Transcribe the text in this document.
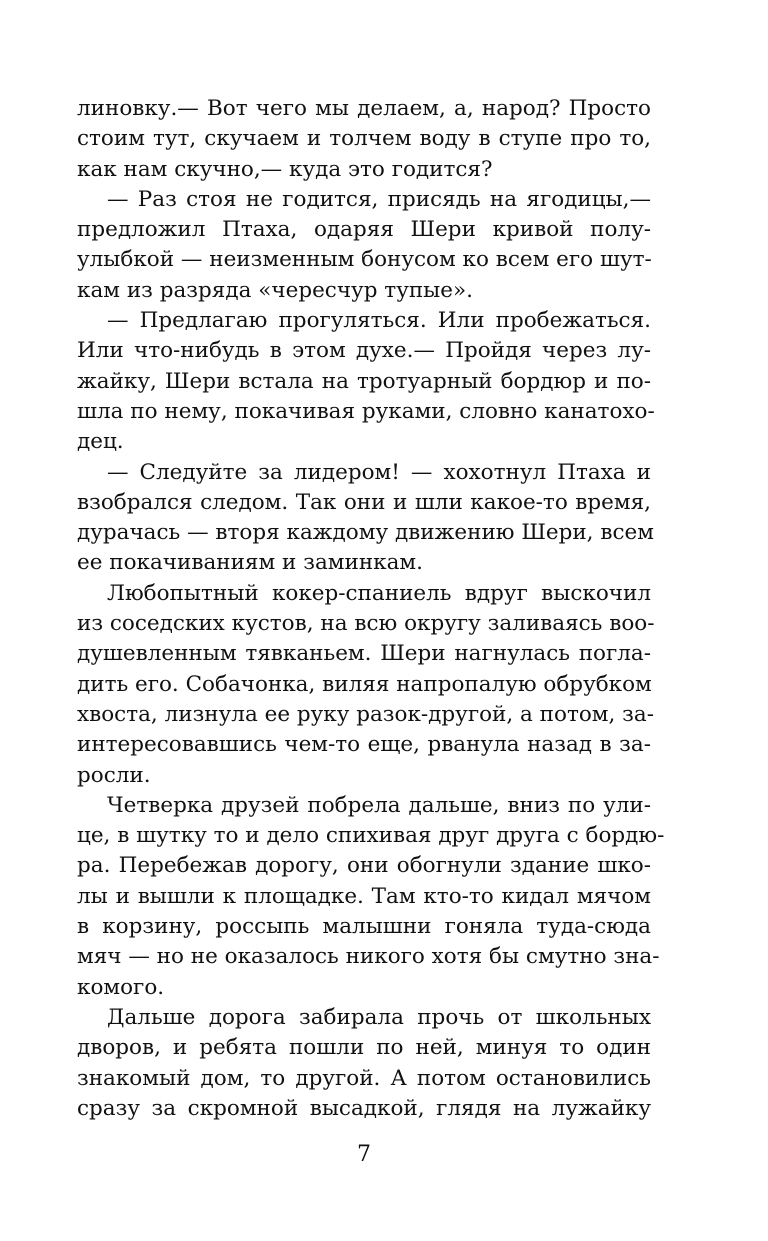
линовку.— Вот чего мы делаем, а, народ? Просто
стоим тут, скучаем и толчем воду в ступе про то,
как нам скучно,— куда это годится?
— Раз стоя не годится, присядь на ягодицы,—
предложил Птаха, одаряя Шери кривой полу-
улыбкой — неизменным бонусом ко всем его шут-
кам из разряда «чересчур тупые».
— Предлагаю прогуляться. Или пробежаться.
Или что-нибудь в этом духе.— Пройдя через лу-
жайку, Шери встала на тротуарный бордюр и по-
шла по нему, покачивая руками, словно канатохо-
дец.
— Следуйте за лидером! — хохотнул Птаха и
взобрался следом. Так они и шли какое-то время,
дурачась — вторя каждому движению Шери, всем
ее покачиваниям и заминкам.
Любопытный кокер-спаниель вдруг выскочил
из соседских кустов, на всю округу заливаясь воо-
душевленным тявканьем. Шери нагнулась погла-
дить его. Собачонка, виляя напропалую обрубком
хвоста, лизнула ее руку разок-другой, а потом, за-
интересовавшись чем-то еще, рванула назад в за-
росли.
Четверка друзей побрела дальше, вниз по ули-
це, в шутку то и дело спихивая друг друга с бордю-
ра. Перебежав дорогу, они обогнули здание шко-
лы и вышли к площадке. Там кто-то кидал мячом
в корзину, россыпь малышни гоняла туда-сюда
мяч — но не оказалось никого хотя бы смутно зна-
комого.
Дальше дорога забирала прочь от школьных
дворов, и ребята пошли по ней, минуя то один
знакомый дом, то другой. А потом остановились
сразу за скромной высадкой, глядя на лужайку
7
